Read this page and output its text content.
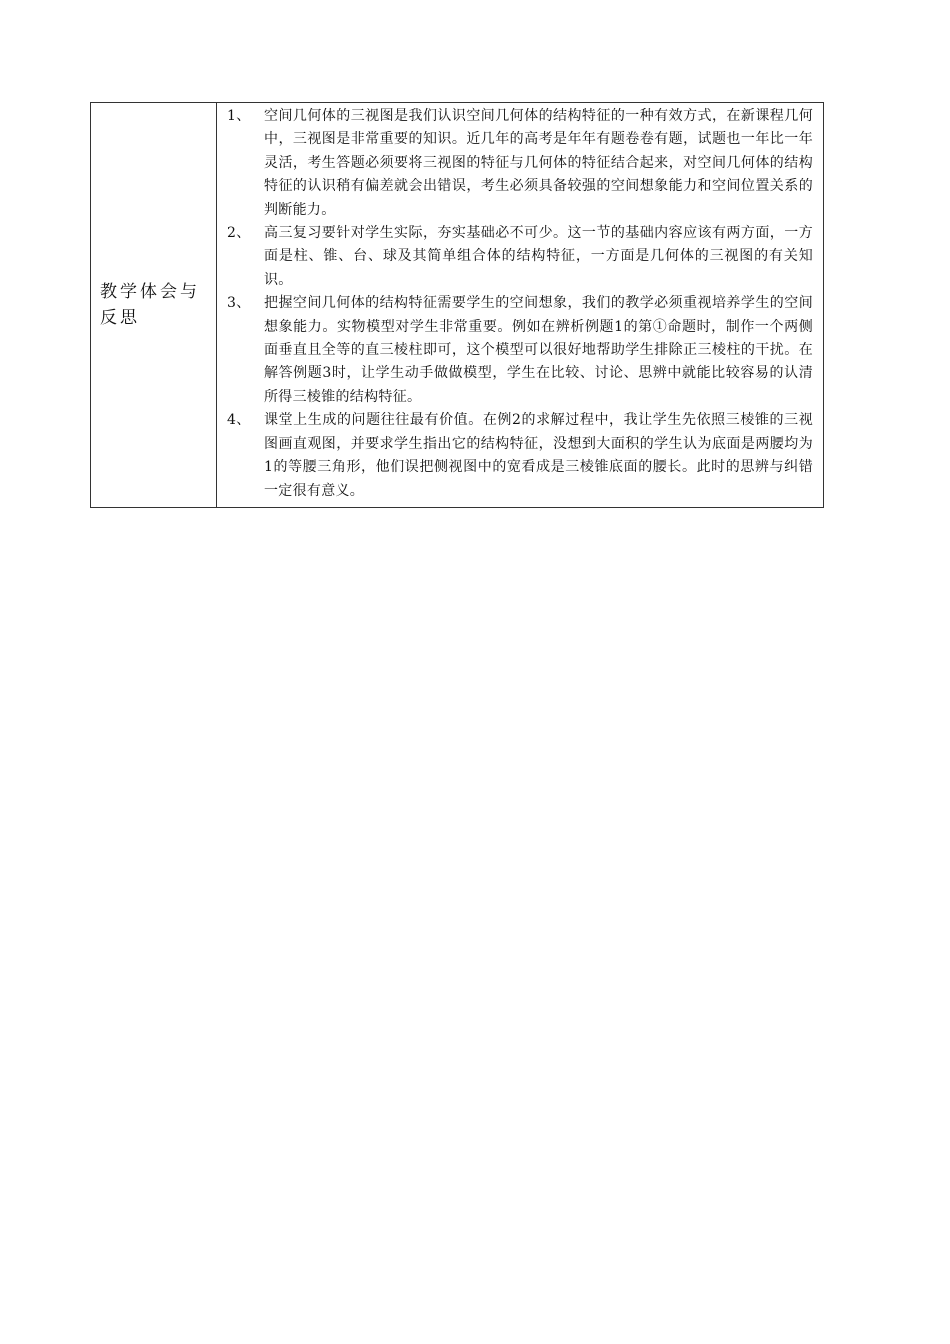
教学体会与反思

1、 空间几何体的三视图是我们认识空间几何体的结构特征的一种有效方式，在新课程几何中，三视图是非常重要的知识。近几年的高考是年年有题卷卷有题，试题也一年比一年灵活，考生答题必须要将三视图的特征与几何体的特征结合起来，对空间几何体的结构特征的认识稍有偏差就会出错误，考生必须具备较强的空间想象能力和空间位置关系的判断能力。
2、 高三复习要针对学生实际，夯实基础必不可少。这一节的基础内容应该有两方面，一方面是柱、锥、台、球及其简单组合体的结构特征，一方面是几何体的三视图的有关知识。
3、 把握空间几何体的结构特征需要学生的空间想象，我们的教学必须重视培养学生的空间想象能力。实物模型对学生非常重要。例如在辨析例题1的第①命题时，制作一个两侧面垂直且全等的直三棱柱即可，这个模型可以很好地帮助学生排除正三棱柱的干扰。在解答例题3时，让学生动手做做模型，学生在比较、讨论、思辨中就能比较容易的认清所得三棱锥的结构特征。
4、 课堂上生成的问题往往最有价值。在例2的求解过程中，我让学生先依照三棱锥的三视图画直观图，并要求学生指出它的结构特征，没想到大面积的学生认为底面是两腰均为1的等腰三角形，他们误把侧视图中的宽看成是三棱锥底面的腰长。此时的思辨与纠错一定很有意义。
